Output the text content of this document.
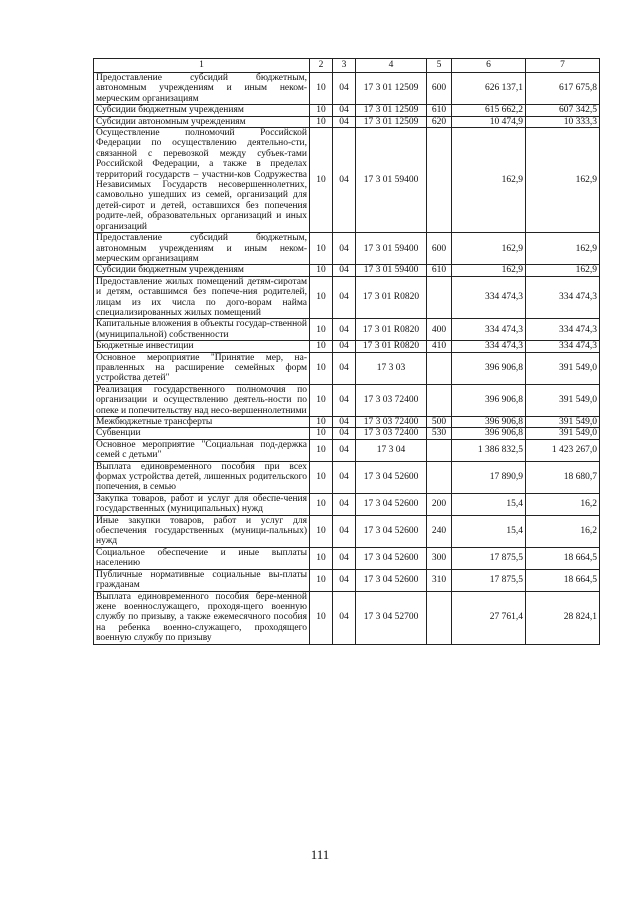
1	2	3	4	5	6	7
Предоставление субсидий бюджетным, автономным учреждениям и иным неком-мерческим организациям	10	04	17 3 01 12509	600	626 137,1	617 675,8
Субсидии бюджетным учреждениям	10	04	17 3 01 12509	610	615 662,2	607 342,5
Субсидии автономным учреждениям	10	04	17 3 01 12509	620	10 474,9	10 333,3
Осуществление полномочий Российской Федерации по осуществлению деятельно-сти, связанной с перевозкой между субъек-тами Российской Федерации, а также в пределах территорий государств – участни-ков Содружества Независимых Государств несовершеннолетних, самовольно ушедших из семей, организаций для детей-сирот и детей, оставшихся без попечения родите-лей, образовательных организаций и иных организаций	10	04	17 3 01 59400		162,9	162,9
Предоставление субсидий бюджетным, автономным учреждениям и иным неком-мерческим организациям	10	04	17 3 01 59400	600	162,9	162,9
Субсидии бюджетным учреждениям	10	04	17 3 01 59400	610	162,9	162,9
Предоставление жилых помещений детям-сиротам и детям, оставшимся без попече-ния родителей, лицам из их числа по дого-ворам найма специализированных жилых помещений	10	04	17 3 01 R0820		334 474,3	334 474,3
Капитальные вложения в объекты государ-ственной (муниципальной) собственности	10	04	17 3 01 R0820	400	334 474,3	334 474,3
Бюджетные инвестиции	10	04	17 3 01 R0820	410	334 474,3	334 474,3
Основное мероприятие "Принятие мер, на-правленных на расширение семейных форм устройства детей"	10	04	17 3 03		396 906,8	391 549,0
Реализация государственного полномочия по организации и осуществлению деятель-ности по опеке и попечительству над несо-вершеннолетними	10	04	17 3 03 72400		396 906,8	391 549,0
Межбюджетные трансферты	10	04	17 3 03 72400	500	396 906,8	391 549,0
Субвенции	10	04	17 3 03 72400	530	396 906,8	391 549,0
Основное мероприятие "Социальная под-держка семей с детьми"	10	04	17 3 04		1 386 832,5	1 423 267,0
Выплата единовременного пособия при всех формах устройства детей, лишенных родительского попечения, в семью	10	04	17 3 04 52600		17 890,9	18 680,7
Закупка товаров, работ и услуг для обеспе-чения государственных (муниципальных) нужд	10	04	17 3 04 52600	200	15,4	16,2
Иные закупки товаров, работ и услуг для обеспечения государственных (муници-пальных) нужд	10	04	17 3 04 52600	240	15,4	16,2
Социальное обеспечение и иные выплаты населению	10	04	17 3 04 52600	300	17 875,5	18 664,5
Публичные нормативные социальные вы-платы гражданам	10	04	17 3 04 52600	310	17 875,5	18 664,5
Выплата единовременного пособия бере-менной жене военнослужащего, проходя-щего военную службу по призыву, а также ежемесячного пособия на ребенка военно-служащего, проходящего военную службу по призыву	10	04	17 3 04 52700		27 761,4	28 824,1
111
